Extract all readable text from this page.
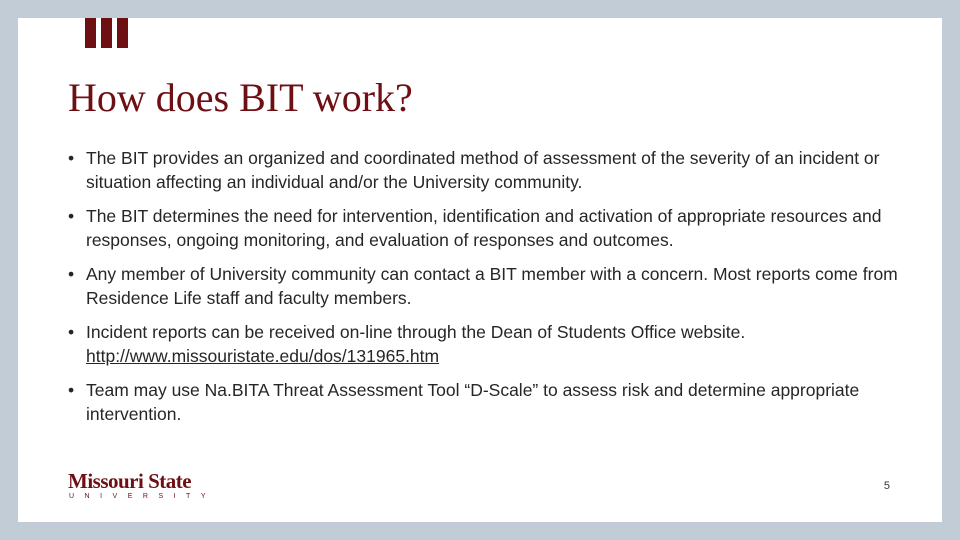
How does BIT work?
• The BIT provides an organized and coordinated method of assessment of the severity of an incident or situation affecting an individual and/or the University community.
• The BIT determines the need for intervention, identification and activation of appropriate resources and responses, ongoing monitoring, and evaluation of responses and outcomes.
• Any member of University community can contact a BIT member with a concern. Most reports come from Residence Life staff and faculty members.
• Incident reports can be received on-line through the Dean of Students Office website.
http://www.missouristate.edu/dos/131965.htm
• Team may use Na.BITA Threat Assessment Tool “D-Scale” to assess risk and determine appropriate intervention.
Missouri State
UNIVERSITY
5
